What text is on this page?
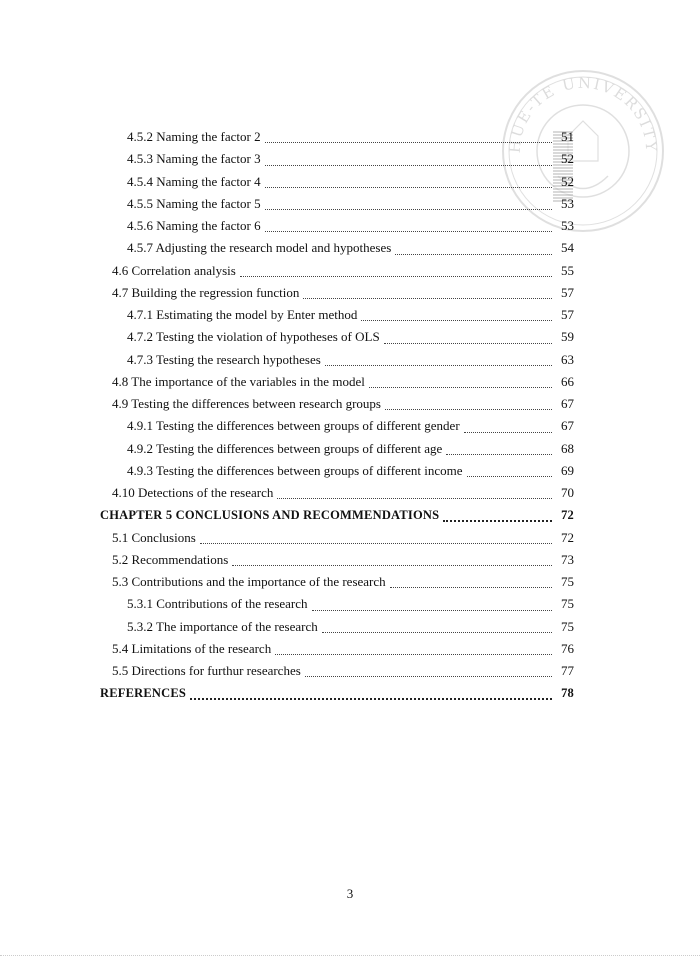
HUE-TE UNIVERSITY
4.5.2 Naming the factor 2	51
4.5.3 Naming the factor 3	52
4.5.4 Naming the factor 4	52
4.5.5 Naming the factor 5	53
4.5.6 Naming the factor 6	53
4.5.7 Adjusting the research model and hypotheses	54
4.6 Correlation analysis	55
4.7 Building the regression function	57
4.7.1 Estimating the model by Enter method	57
4.7.2 Testing the violation of hypotheses of OLS	59
4.7.3 Testing the research hypotheses	63
4.8 The importance of the variables in the model	66
4.9 Testing the differences between research groups	67
4.9.1 Testing the differences between groups of different gender	67
4.9.2 Testing the differences between groups of different age	68
4.9.3 Testing the differences between groups of different income	69
4.10 Detections of the research	70
CHAPTER 5 CONCLUSIONS AND RECOMMENDATIONS	72
5.1 Conclusions	72
5.2 Recommendations	73
5.3 Contributions and the importance of the research	75
5.3.1 Contributions of the research	75
5.3.2 The importance of the research	75
5.4 Limitations of the research	76
5.5 Directions for furthur researches	77
REFERENCES	78
3
